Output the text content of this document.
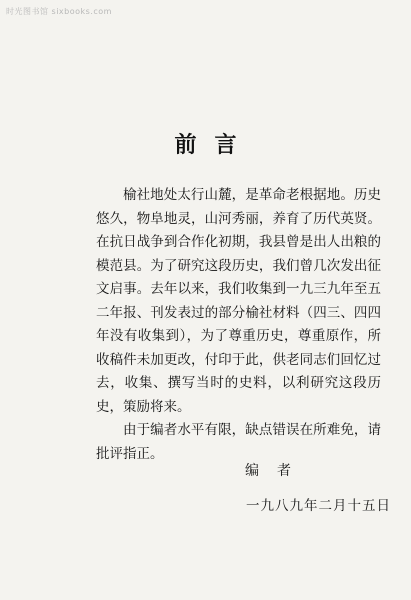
时光图书馆 sixbooks.com
前言

榆社地处太行山麓，是革命老根据地。历史悠久，物阜地灵，山河秀丽，养育了历代英贤。在抗日战争到合作化初期，我县曾是出人出粮的模范县。为了研究这段历史，我们曾几次发出征文启事。去年以来，我们收集到一九三九年至五二年报、刊发表过的部分榆社材料（四三、四四年没有收集到），为了尊重历史，尊重原作，所收稿件未加更改，付印于此，供老同志们回忆过去，收集、撰写当时的史料，以利研究这段历史，策励将来。

由于编者水平有限，缺点错误在所难免，请批评指正。

编者
一九八九年二月十五日
